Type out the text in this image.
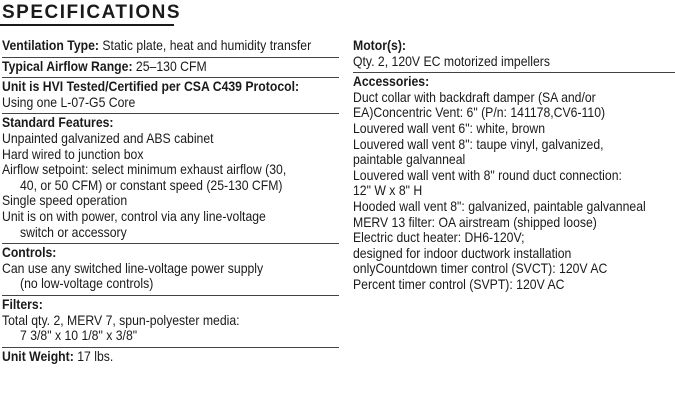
SPECIFICATIONS
Ventilation Type: Static plate, heat and humidity transfer
Typical Airflow Range: 25–130 CFM
Unit is HVI Tested/Certified per CSA C439 Protocol:
Using one L-07-G5 Core
Standard Features:
Unpainted galvanized and ABS cabinet
Hard wired to junction box
Airflow setpoint: select minimum exhaust airflow (30,
40, or 50 CFM) or constant speed (25-130 CFM)
Single speed operation
Unit is on with power, control via any line-voltage
switch or accessory
Controls:
Can use any switched line-voltage power supply
(no low-voltage controls)
Filters:
Total qty. 2, MERV 7, spun-polyester media:
7 3/8" x 10 1/8" x 3/8"
Unit Weight: 17 lbs.
Motor(s):
Qty. 2, 120V EC motorized impellers
Accessories:
Duct collar with backdraft damper (SA and/or
EA)Concentric Vent: 6" (P/n: 141178,CV6-110)
Louvered wall vent 6": white, brown
Louvered wall vent 8": taupe vinyl, galvanized,
paintable galvanneal
Louvered wall vent with 8" round duct connection:
12" W x 8" H
Hooded wall vent 8": galvanized, paintable galvanneal
MERV 13 filter: OA airstream (shipped loose)
Electric duct heater: DH6-120V;
designed for indoor ductwork installation
onlyCountdown timer control (SVCT): 120V AC
Percent timer control (SVPT): 120V AC
